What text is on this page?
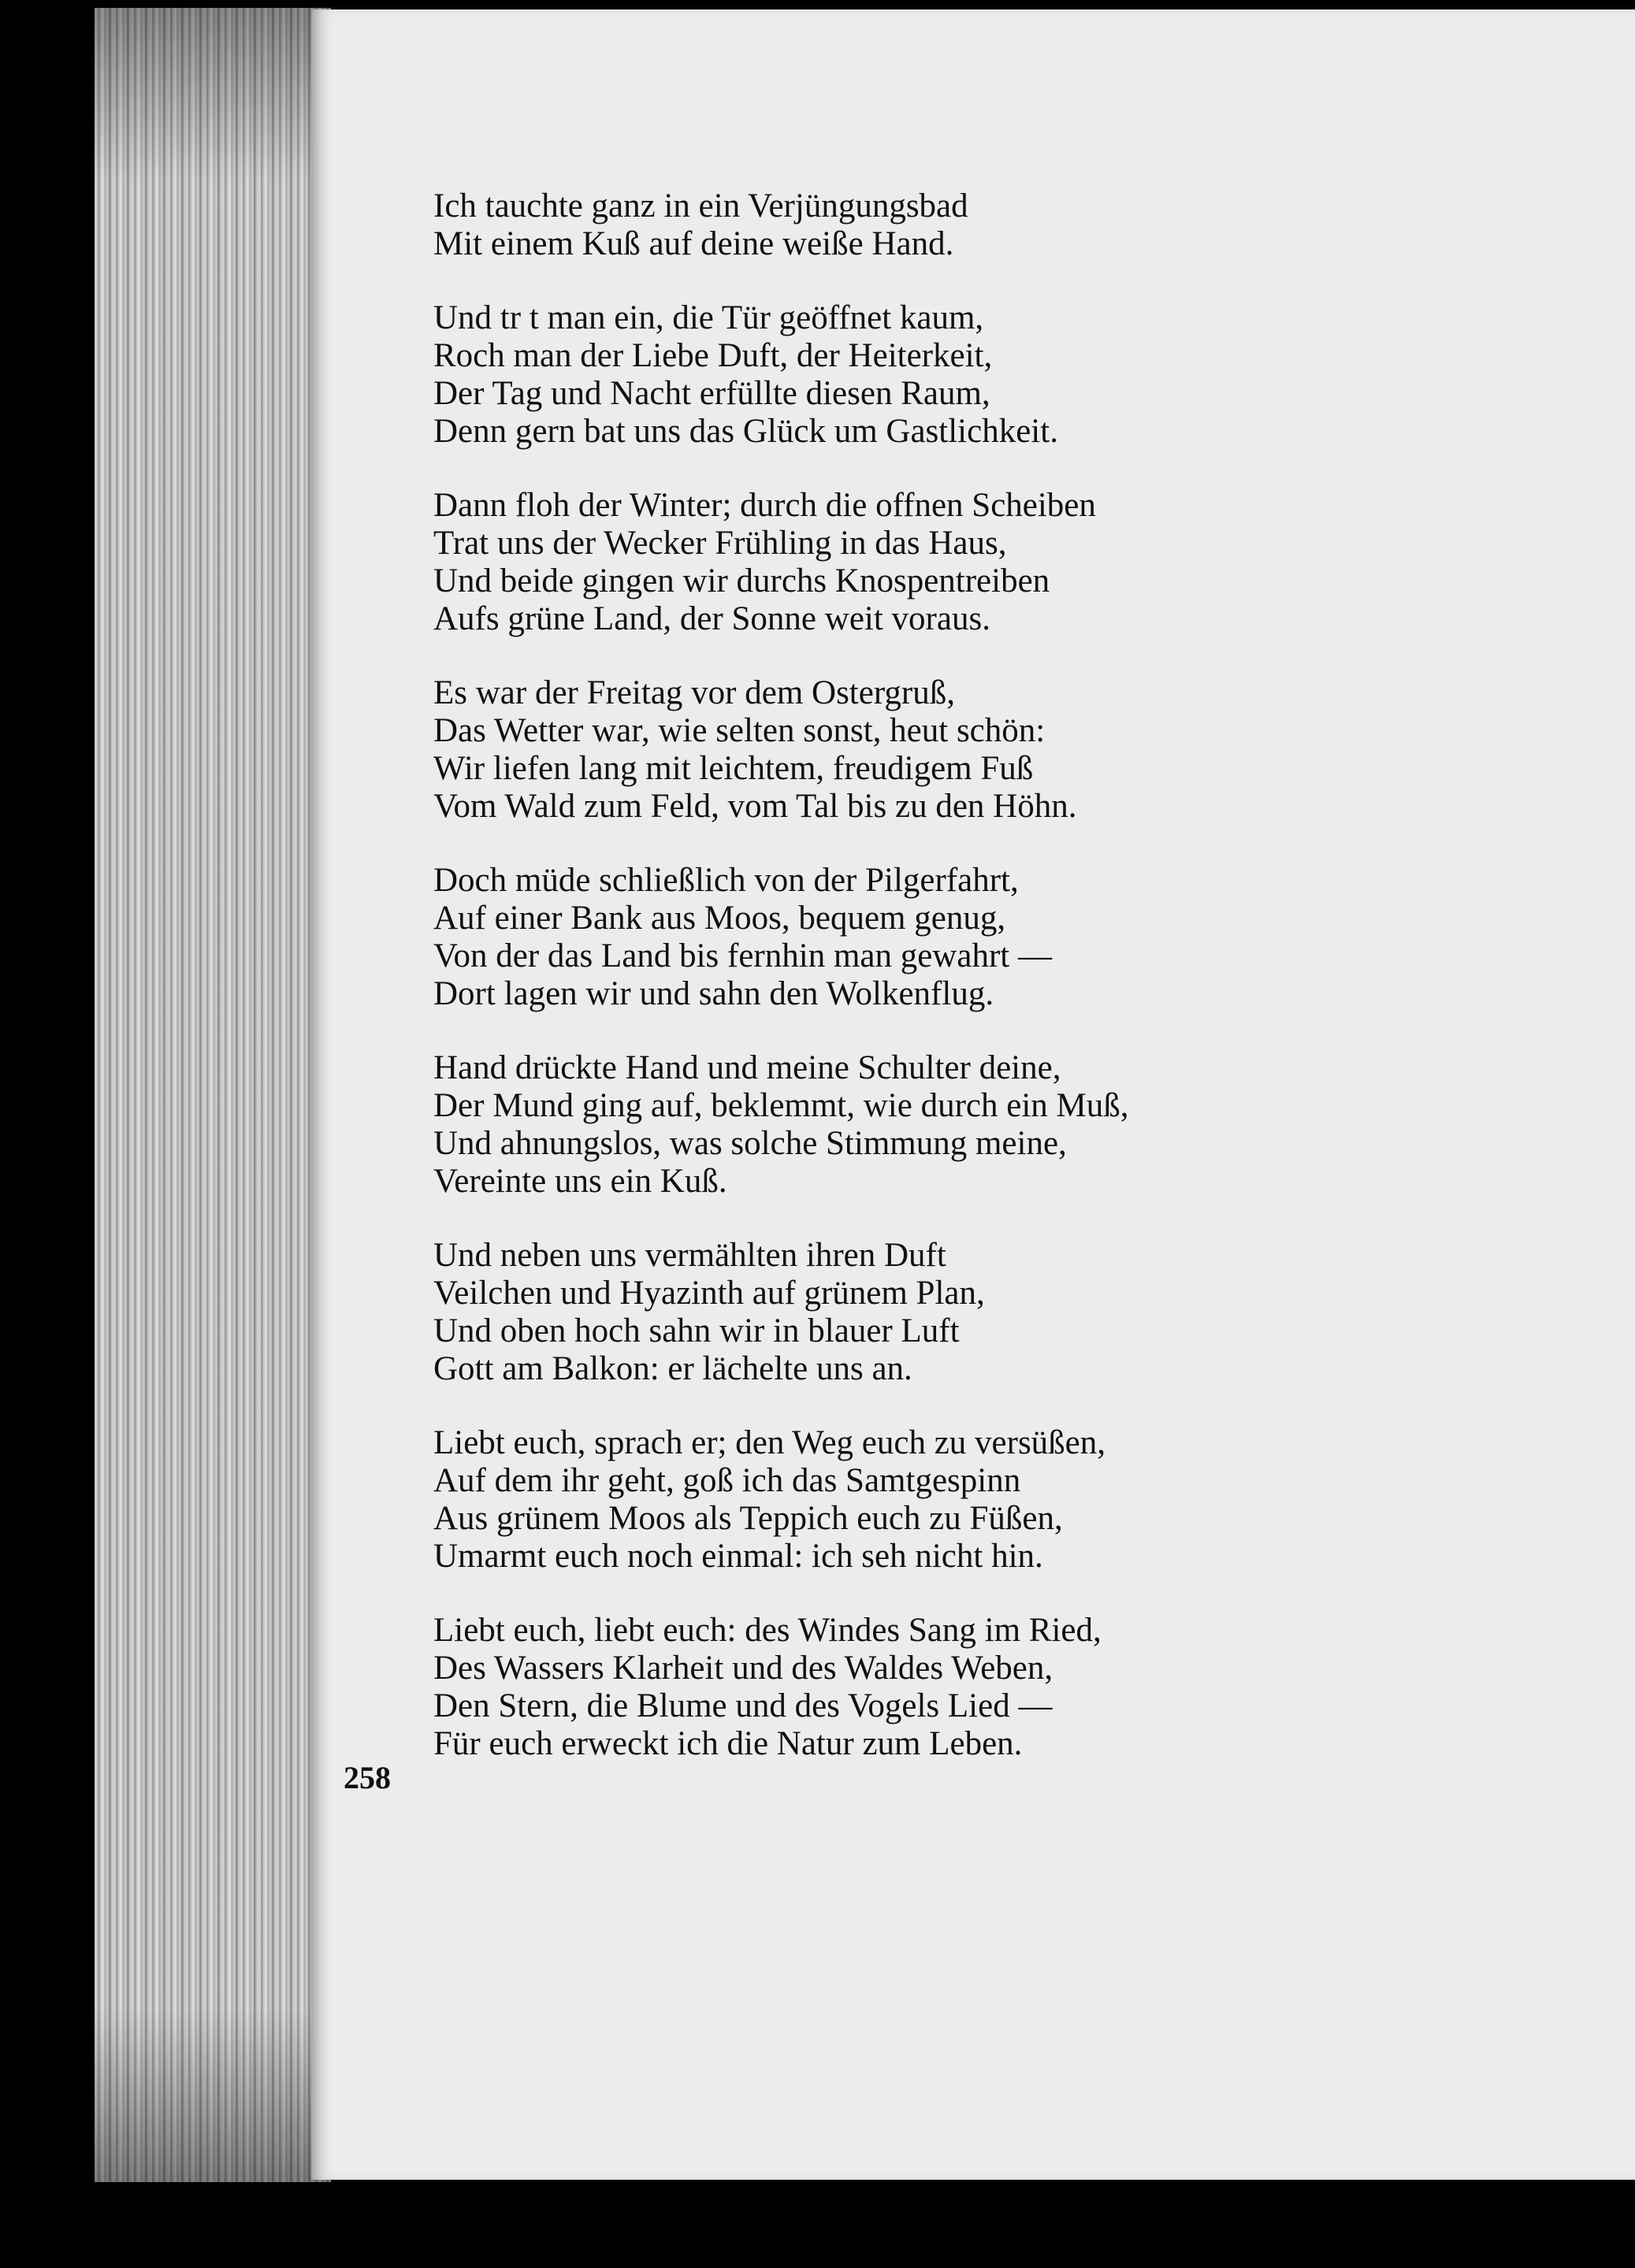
Ich tauchte ganz in ein Verjüngungsbad
Mit einem Kuß auf deine weiße Hand.
Und tr t man ein, die Tür geöffnet kaum,
Roch man der Liebe Duft, der Heiterkeit,
Der Tag und Nacht erfüllte diesen Raum,
Denn gern bat uns das Glück um Gastlichkeit.
Dann floh der Winter; durch die offnen Scheiben
Trat uns der Wecker Frühling in das Haus,
Und beide gingen wir durchs Knospentreiben
Aufs grüne Land, der Sonne weit voraus.
Es war der Freitag vor dem Ostergruß,
Das Wetter war, wie selten sonst, heut schön:
Wir liefen lang mit leichtem, freudigem Fuß
Vom Wald zum Feld, vom Tal bis zu den Höhn.
Doch müde schließlich von der Pilgerfahrt,
Auf einer Bank aus Moos, bequem genug,
Von der das Land bis fernhin man gewahrt —
Dort lagen wir und sahn den Wolkenflug.
Hand drückte Hand und meine Schulter deine,
Der Mund ging auf, beklemmt, wie durch ein Muß,
Und ahnungslos, was solche Stimmung meine,
Vereinte uns ein Kuß.
Und neben uns vermählten ihren Duft
Veilchen und Hyazinth auf grünem Plan,
Und oben hoch sahn wir in blauer Luft
Gott am Balkon: er lächelte uns an.
Liebt euch, sprach er; den Weg euch zu versüßen,
Auf dem ihr geht, goß ich das Samtgespinn
Aus grünem Moos als Teppich euch zu Füßen,
Umarmt euch noch einmal: ich seh nicht hin.
Liebt euch, liebt euch: des Windes Sang im Ried,
Des Wassers Klarheit und des Waldes Weben,
Den Stern, die Blume und des Vogels Lied —
Für euch erweckt ich die Natur zum Leben.
258
